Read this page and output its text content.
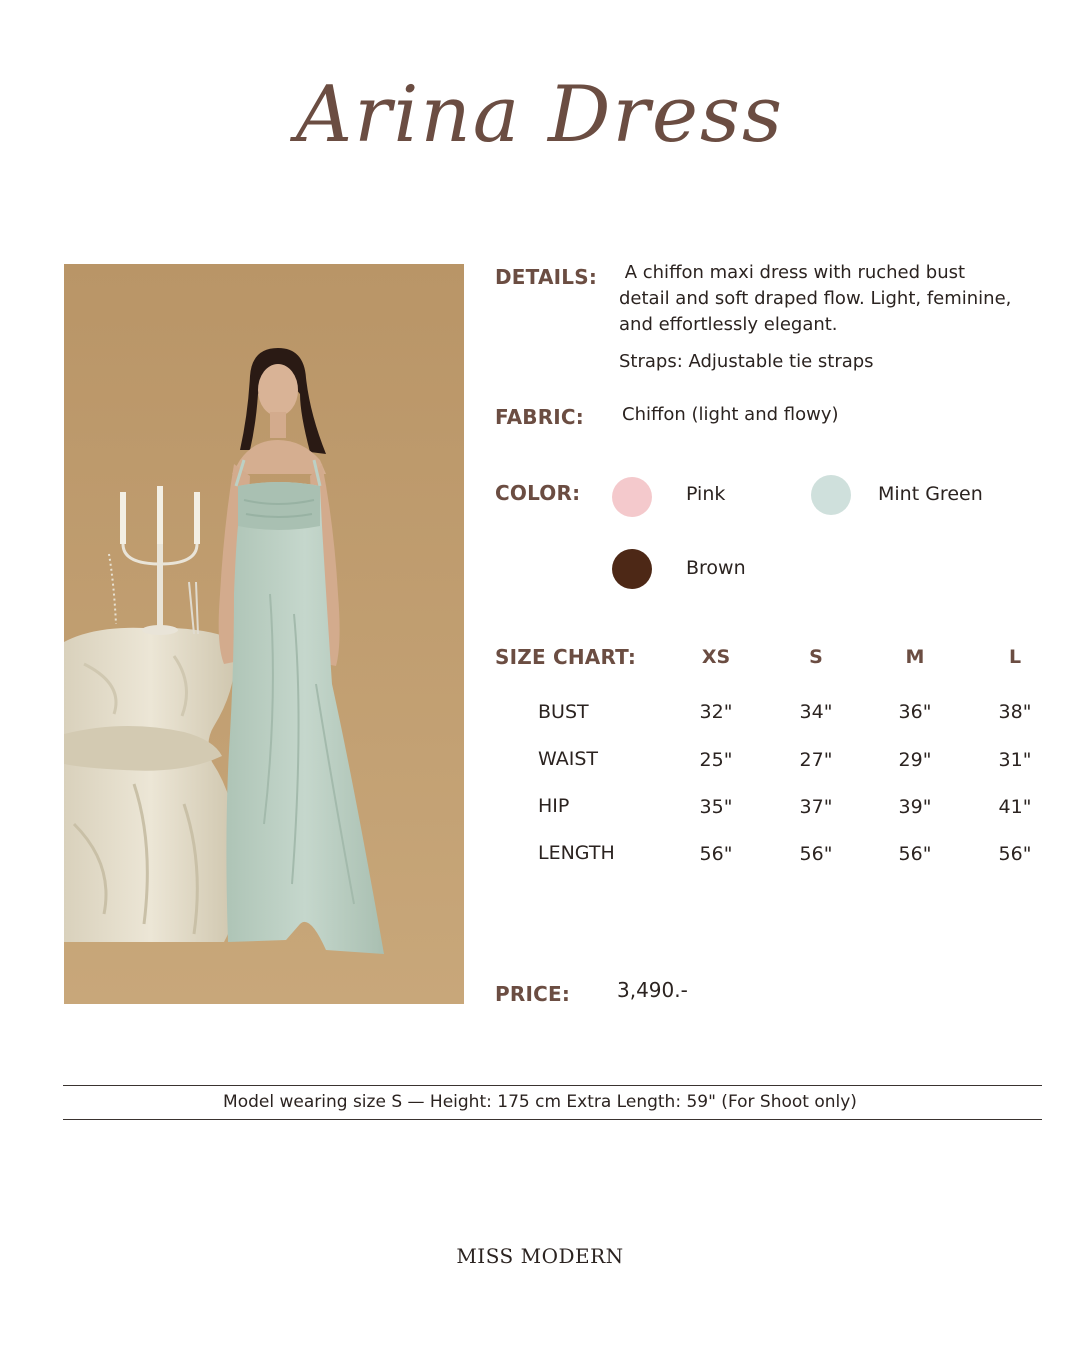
Arina Dress
DETAILS: A chiffon maxi dress with ruched bust
detail and soft draped flow. Light, feminine,
and effortlessly elegant.
Straps: Adjustable tie straps
FABRIC: Chiffon (light and flowy)
COLOR:	Pink	Mint Green
Brown
SIZE CHART:	XS	S	M	L
BUST	32"	34"	36"	38"
WAIST	25"	27"	29"	31"
HIP	35"	37"	39"	41"
LENGTH	56"	56"	56"	56"
PRICE: 3,490.-
Model wearing size S — Height: 175 cm Extra Length: 59" (For Shoot only)
MISS MODERN
